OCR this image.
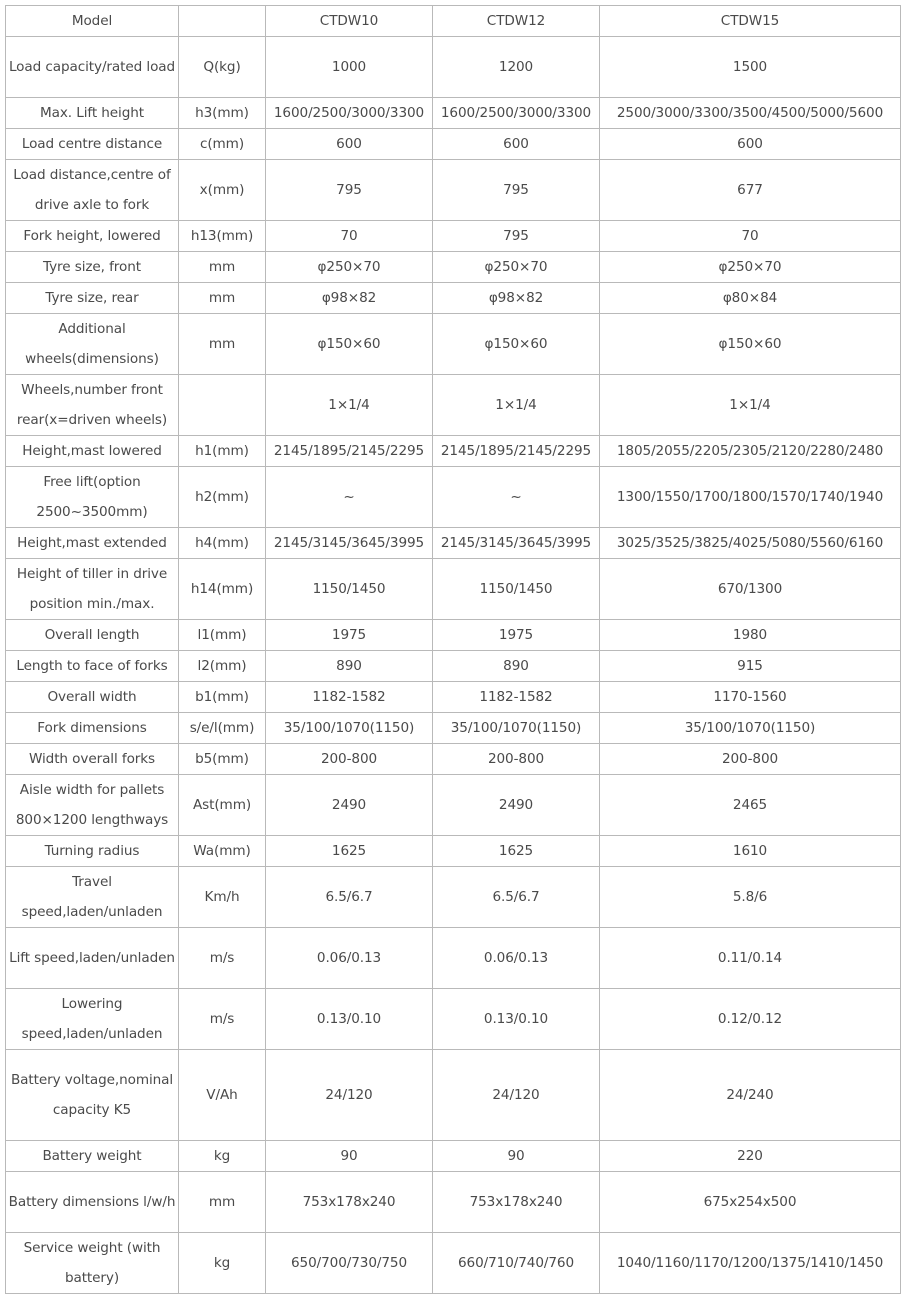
Model		CTDW10	CTDW12	CTDW15
Load capacity/rated load	Q(kg)	1000	1200	1500
Max. Lift height	h3(mm)	1600/2500/3000/3300	1600/2500/3000/3300	2500/3000/3300/3500/4500/5000/5600
Load centre distance	c(mm)	600	600	600
Load distance,centre of drive axle to fork	x(mm)	795	795	677
Fork height, lowered	h13(mm)	70	795	70
Tyre size, front	mm	φ250×70	φ250×70	φ250×70
Tyre size, rear	mm	φ98×82	φ98×82	φ80×84
Additional wheels(dimensions)	mm	φ150×60	φ150×60	φ150×60
Wheels,number front rear(x=driven wheels)		1×1/4	1×1/4	1×1/4
Height,mast lowered	h1(mm)	2145/1895/2145/2295	2145/1895/2145/2295	1805/2055/2205/2305/2120/2280/2480
Free lift(option 2500~3500mm)	h2(mm)	~	~	1300/1550/1700/1800/1570/1740/1940
Height,mast extended	h4(mm)	2145/3145/3645/3995	2145/3145/3645/3995	3025/3525/3825/4025/5080/5560/6160
Height of tiller in drive position min./max.	h14(mm)	1150/1450	1150/1450	670/1300
Overall length	l1(mm)	1975	1975	1980
Length to face of forks	l2(mm)	890	890	915
Overall width	b1(mm)	1182-1582	1182-1582	1170-1560
Fork dimensions	s/e/l(mm)	35/100/1070(1150)	35/100/1070(1150)	35/100/1070(1150)
Width overall forks	b5(mm)	200-800	200-800	200-800
Aisle width for pallets 800×1200 lengthways	Ast(mm)	2490	2490	2465
Turning radius	Wa(mm)	1625	1625	1610
Travel speed,laden/unladen	Km/h	6.5/6.7	6.5/6.7	5.8/6
Lift speed,laden/unladen	m/s	0.06/0.13	0.06/0.13	0.11/0.14
Lowering speed,laden/unladen	m/s	0.13/0.10	0.13/0.10	0.12/0.12
Battery voltage,nominal capacity K5	V/Ah	24/120	24/120	24/240
Battery weight	kg	90	90	220
Battery dimensions l/w/h	mm	753x178x240	753x178x240	675x254x500
Service weight (with battery)	kg	650/700/730/750	660/710/740/760	1040/1160/1170/1200/1375/1410/1450
